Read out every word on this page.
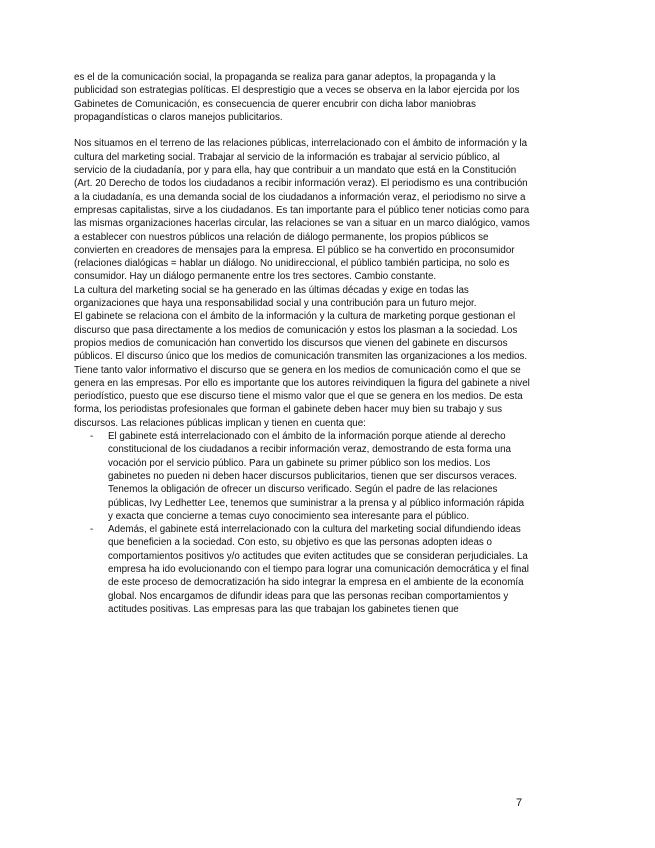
es el de la comunicación social, la propaganda se realiza para ganar adeptos, la propaganda y la publicidad son estrategias políticas. El desprestigio que a veces se observa en la labor ejercida por los Gabinetes de Comunicación, es consecuencia de querer encubrir con dicha labor maniobras propagandísticas o claros manejos publicitarios.

Nos situamos en el terreno de las relaciones públicas, interrelacionado con el ámbito de información y la cultura del marketing social. Trabajar al servicio de la información es trabajar al servicio público, al servicio de la ciudadanía, por y para ella, hay que contribuir a un mandato que está en la Constitución (Art. 20 Derecho de todos los ciudadanos a recibir información veraz). El periodismo es una contribución a la ciudadanía, es una demanda social de los ciudadanos a información veraz, el periodismo no sirve a empresas capitalistas, sirve a los ciudadanos. Es tan importante para el público tener noticias como para las mismas organizaciones hacerlas circular, las relaciones se van a situar en un marco dialógico, vamos a establecer con nuestros públicos una relación de diálogo permanente, los propios públicos se convierten en creadores de mensajes para la empresa. El público se ha convertido en proconsumidor (relaciones dialógicas = hablar un diálogo. No unidireccional, el público también participa, no solo es consumidor. Hay un diálogo permanente entre los tres sectores. Cambio constante.

La cultura del marketing social se ha generado en las últimas décadas y exige en todas las organizaciones que haya una responsabilidad social y una contribución para un futuro mejor.

El gabinete se relaciona con el ámbito de la información y la cultura de marketing porque gestionan el discurso que pasa directamente a los medios de comunicación y estos los plasman a la sociedad. Los propios medios de comunicación han convertido los discursos que vienen del gabinete en discursos públicos. El discurso único que los medios de comunicación transmiten las organizaciones a los medios. Tiene tanto valor informativo el discurso que se genera en los medios de comunicación como el que se genera en las empresas. Por ello es importante que los autores reivindiquen la figura del gabinete a nivel periodístico, puesto que ese discurso tiene el mismo valor que el que se genera en los medios. De esta forma, los periodistas profesionales que forman el gabinete deben hacer muy bien su trabajo y sus discursos. Las relaciones públicas implican y tienen en cuenta que:

- El gabinete está interrelacionado con el ámbito de la información porque atiende al derecho constitucional de los ciudadanos a recibir información veraz, demostrando de esta forma una vocación por el servicio público. Para un gabinete su primer público son los medios. Los gabinetes no pueden ni deben hacer discursos publicitarios, tienen que ser discursos veraces. Tenemos la obligación de ofrecer un discurso verificado. Según el padre de las relaciones públicas, Ivy Ledhetter Lee, tenemos que suministrar a la prensa y al público información rápida y exacta que concierne a temas cuyo conocimiento sea interesante para el público.
- Además, el gabinete está interrelacionado con la cultura del marketing social difundiendo ideas que beneficien a la sociedad. Con esto, su objetivo es que las personas adopten ideas o comportamientos positivos y/o actitudes que eviten actitudes que se consideran perjudiciales. La empresa ha ido evolucionando con el tiempo para lograr una comunicación democrática y el final de este proceso de democratización ha sido integrar la empresa en el ambiente de la economía global. Nos encargamos de difundir ideas para que las personas reciban comportamientos y actitudes positivas. Las empresas para las que trabajan los gabinetes tienen que
7
